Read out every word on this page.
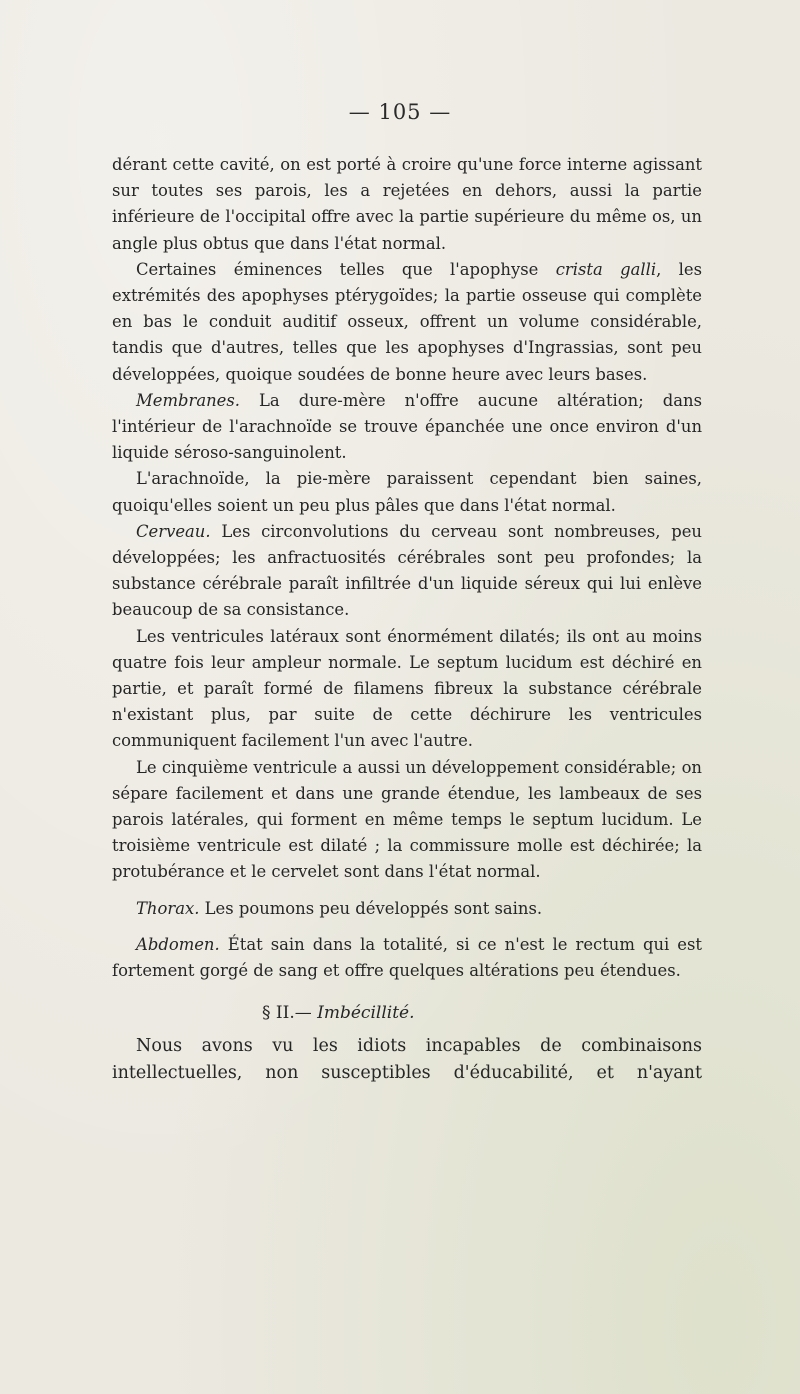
— 105 —

dérant cette cavité, on est porté à croire qu'une force interne agissant sur toutes ses parois, les a rejetées en dehors, aussi la partie inférieure de l'occipital offre avec la partie supérieure du même os, un angle plus obtus que dans l'état normal.

Certaines éminences telles que l'apophyse crista galli, les extrémités des apophyses ptérygoïdes; la partie osseuse qui complète en bas le conduit auditif osseux, offrent un volume considérable, tandis que d'autres, telles que les apophyses d'Ingrassias, sont peu développées, quoique soudées de bonne heure avec leurs bases.

Membranes. La dure-mère n'offre aucune altération; dans l'intérieur de l'arachnoïde se trouve épanchée une once environ d'un liquide séroso-sanguinolent.

L'arachnoïde, la pie-mère paraissent cependant bien saines, quoiqu'elles soient un peu plus pâles que dans l'état normal.

Cerveau. Les circonvolutions du cerveau sont nombreuses, peu développées; les anfractuosités cérébrales sont peu profondes; la substance cérébrale paraît infiltrée d'un liquide séreux qui lui enlève beaucoup de sa consistance.

Les ventricules latéraux sont énormément dilatés; ils ont au moins quatre fois leur ampleur normale. Le septum lucidum est déchiré en partie, et paraît formé de filamens fibreux la substance cérébrale n'existant plus, par suite de cette déchirure les ventricules communiquent facilement l'un avec l'autre.

Le cinquième ventricule a aussi un développement considérable; on sépare facilement et dans une grande étendue, les lambeaux de ses parois latérales, qui forment en même temps le septum lucidum. Le troisième ventricule est dilaté ; la commissure molle est déchirée; la protubérance et le cervelet sont dans l'état normal.

Thorax. Les poumons peu développés sont sains.

Abdomen. État sain dans la totalité, si ce n'est le rectum qui est fortement gorgé de sang et offre quelques altérations peu étendues.

§ II.— Imbécillité.
Nous avons vu les idiots incapables de combinaisons
intellectuelles, non susceptibles d'éducabilité, et n'ayant
